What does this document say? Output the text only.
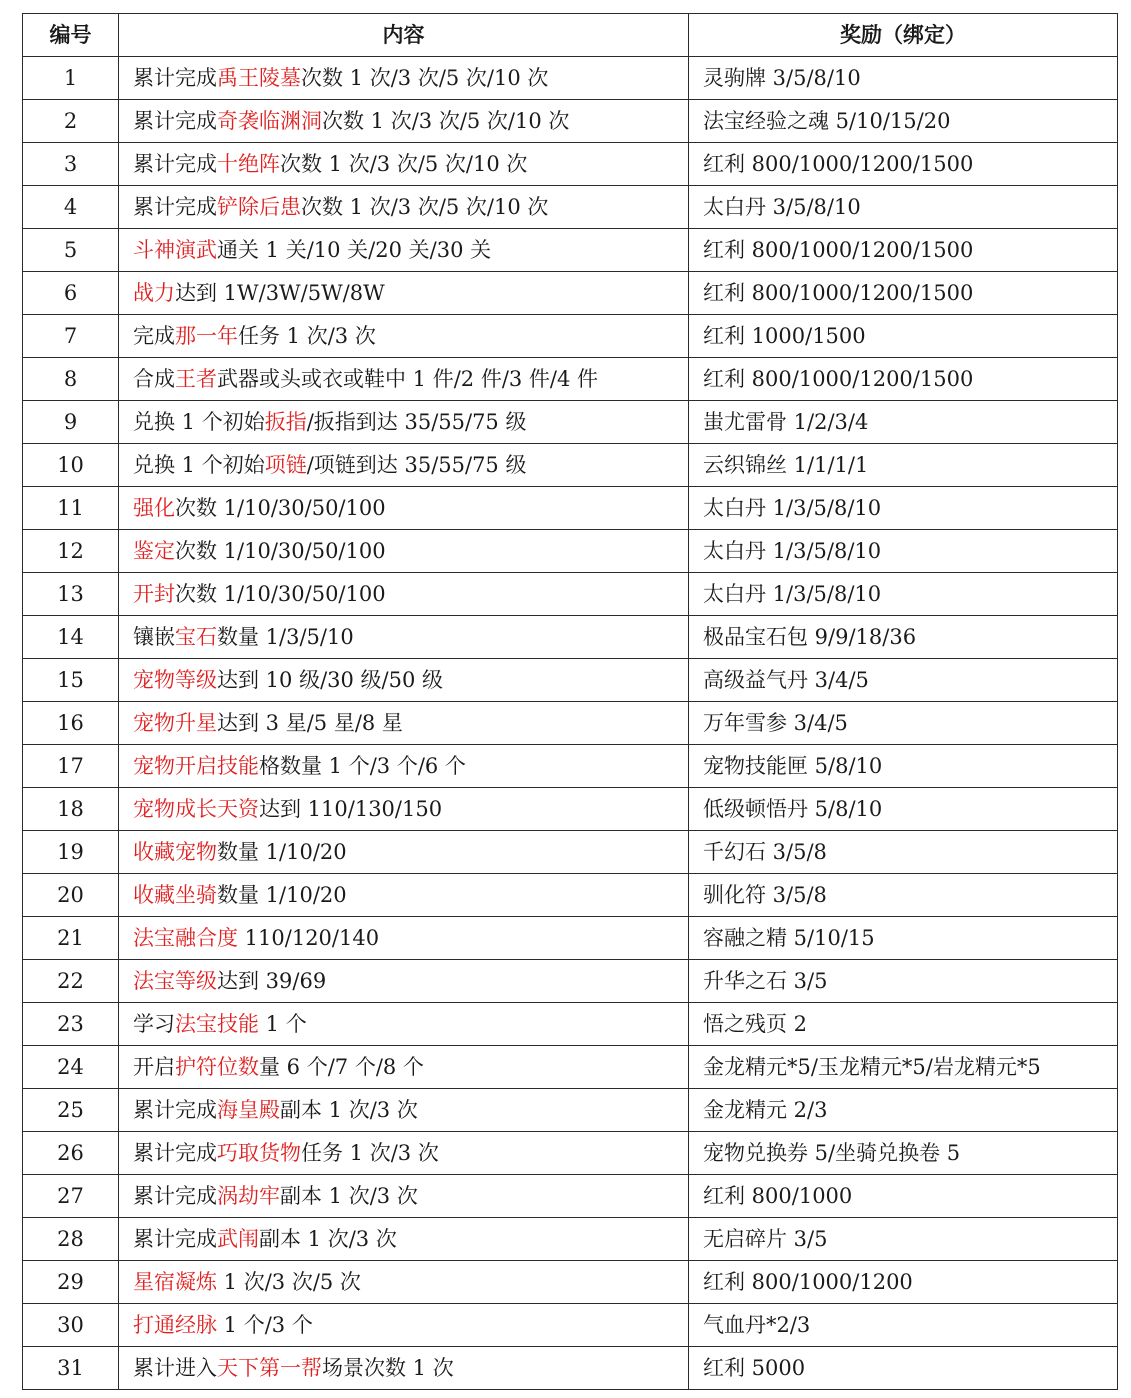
编号	内容	奖励（绑定）
1	累计完成禹王陵墓次数 1 次/3 次/5 次/10 次	灵驹牌 3/5/8/10
2	累计完成奇袭临渊洞次数 1 次/3 次/5 次/10 次	法宝经验之魂 5/10/15/20
3	累计完成十绝阵次数 1 次/3 次/5 次/10 次	红利 800/1000/1200/1500
4	累计完成铲除后患次数 1 次/3 次/5 次/10 次	太白丹 3/5/8/10
5	斗神演武通关 1 关/10 关/20 关/30 关	红利 800/1000/1200/1500
6	战力达到 1W/3W/5W/8W	红利 800/1000/1200/1500
7	完成那一年任务 1 次/3 次	红利 1000/1500
8	合成王者武器或头或衣或鞋中 1 件/2 件/3 件/4 件	红利 800/1000/1200/1500
9	兑换 1 个初始扳指/扳指到达 35/55/75 级	蚩尤雷骨 1/2/3/4
10	兑换 1 个初始项链/项链到达 35/55/75 级	云织锦丝 1/1/1/1
11	强化次数 1/10/30/50/100	太白丹 1/3/5/8/10
12	鉴定次数 1/10/30/50/100	太白丹 1/3/5/8/10
13	开封次数 1/10/30/50/100	太白丹 1/3/5/8/10
14	镶嵌宝石数量 1/3/5/10	极品宝石包 9/9/18/36
15	宠物等级达到 10 级/30 级/50 级	高级益气丹 3/4/5
16	宠物升星达到 3 星/5 星/8 星	万年雪参 3/4/5
17	宠物开启技能格数量 1 个/3 个/6 个	宠物技能匣 5/8/10
18	宠物成长天资达到 110/130/150	低级顿悟丹 5/8/10
19	收藏宠物数量 1/10/20	千幻石 3/5/8
20	收藏坐骑数量 1/10/20	驯化符 3/5/8
21	法宝融合度 110/120/140	容融之精 5/10/15
22	法宝等级达到 39/69	升华之石 3/5
23	学习法宝技能 1 个	悟之残页 2
24	开启护符位数量 6 个/7 个/8 个	金龙精元*5/玉龙精元*5/岩龙精元*5
25	累计完成海皇殿副本 1 次/3 次	金龙精元 2/3
26	累计完成巧取货物任务 1 次/3 次	宠物兑换券 5/坐骑兑换卷 5
27	累计完成涡劫牢副本 1 次/3 次	红利 800/1000
28	累计完成武闱副本 1 次/3 次	无启碎片 3/5
29	星宿凝炼 1 次/3 次/5 次	红利 800/1000/1200
30	打通经脉 1 个/3 个	气血丹*2/3
31	累计进入天下第一帮场景次数 1 次	红利 5000
